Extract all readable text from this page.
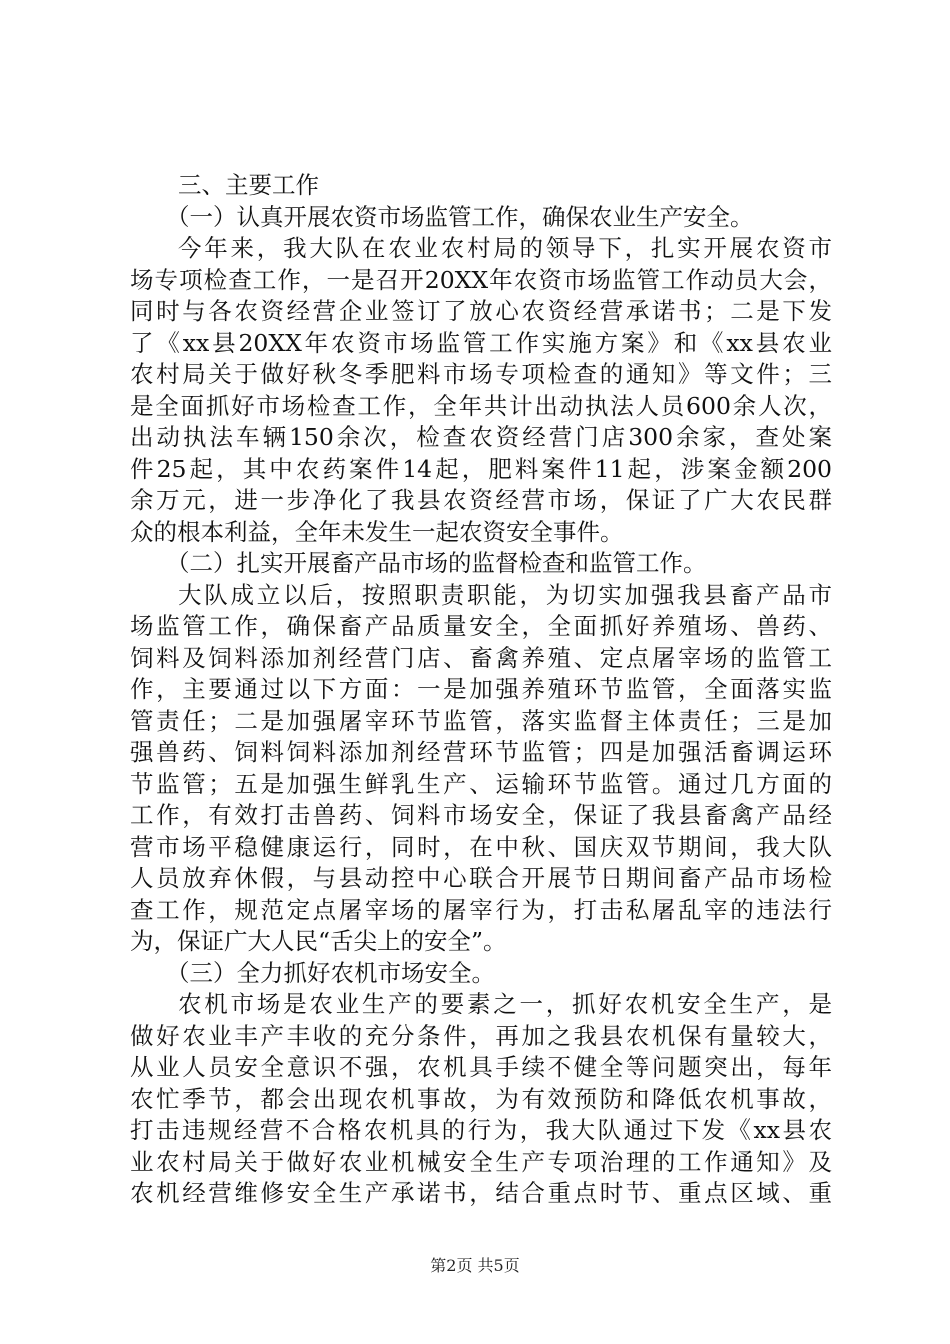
三、主要工作
（一）认真开展农资市场监管工作，确保农业生产安全。
今年来，我大队在农业农村局的领导下，扎实开展农资市
场专项检查工作，一是召开20XX年农资市场监管工作动员大会，
同时与各农资经营企业签订了放心农资经营承诺书；二是下发
了《xx县20XX年农资市场监管工作实施方案》和《xx县农业
农村局关于做好秋冬季肥料市场专项检查的通知》等文件；三
是全面抓好市场检查工作，全年共计出动执法人员600余人次，
出动执法车辆150余次，检查农资经营门店300余家，查处案
件25起，其中农药案件14起，肥料案件11起，涉案金额200
余万元，进一步净化了我县农资经营市场，保证了广大农民群
众的根本利益，全年未发生一起农资安全事件。
（二）扎实开展畜产品市场的监督检查和监管工作。
大队成立以后，按照职责职能，为切实加强我县畜产品市
场监管工作，确保畜产品质量安全，全面抓好养殖场、兽药、
饲料及饲料添加剂经营门店、畜禽养殖、定点屠宰场的监管工
作，主要通过以下方面：一是加强养殖环节监管，全面落实监
管责任；二是加强屠宰环节监管，落实监督主体责任；三是加
强兽药、饲料饲料添加剂经营环节监管；四是加强活畜调运环
节监管；五是加强生鲜乳生产、运输环节监管。通过几方面的
工作，有效打击兽药、饲料市场安全，保证了我县畜禽产品经
营市场平稳健康运行，同时，在中秋、国庆双节期间，我大队
人员放弃休假，与县动控中心联合开展节日期间畜产品市场检
查工作，规范定点屠宰场的屠宰行为，打击私屠乱宰的违法行
为，保证广大人民“舌尖上的安全”。
（三）全力抓好农机市场安全。
农机市场是农业生产的要素之一，抓好农机安全生产，是
做好农业丰产丰收的充分条件，再加之我县农机保有量较大，
从业人员安全意识不强，农机具手续不健全等问题突出，每年
农忙季节，都会出现农机事故，为有效预防和降低农机事故，
打击违规经营不合格农机具的行为，我大队通过下发《xx县农
业农村局关于做好农业机械安全生产专项治理的工作通知》及
农机经营维修安全生产承诺书，结合重点时节、重点区域、重
第2页 共5页
